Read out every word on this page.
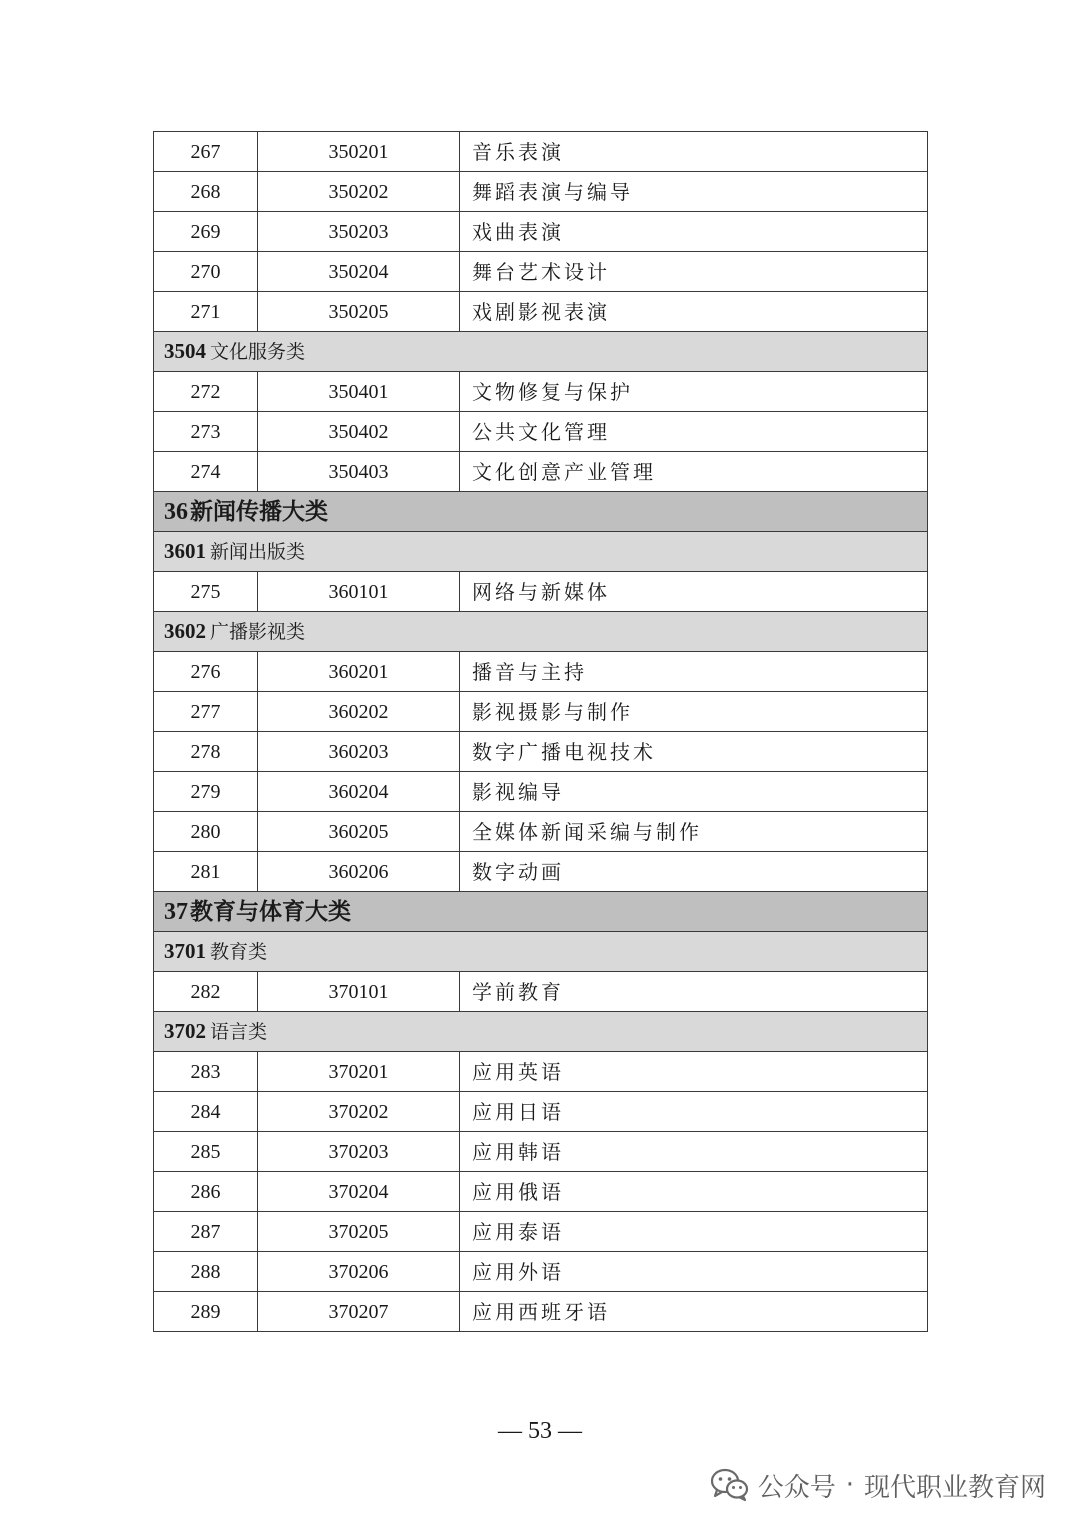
267	350201	音乐表演
268	350202	舞蹈表演与编导
269	350203	戏曲表演
270	350204	舞台艺术设计
271	350205	戏剧影视表演
3504 文化服务类		
272	350401	文物修复与保护
273	350402	公共文化管理
274	350403	文化创意产业管理
36新闻传播大类		
3601 新闻出版类		
275	360101	网络与新媒体
3602 广播影视类		
276	360201	播音与主持
277	360202	影视摄影与制作
278	360203	数字广播电视技术
279	360204	影视编导
280	360205	全媒体新闻采编与制作
281	360206	数字动画
37教育与体育大类		
3701 教育类		
282	370101	学前教育
3702 语言类		
283	370201	应用英语
284	370202	应用日语
285	370203	应用韩语
286	370204	应用俄语
287	370205	应用泰语
288	370206	应用外语
289	370207	应用西班牙语
— 53 —
公众号 · 现代职业教育网
